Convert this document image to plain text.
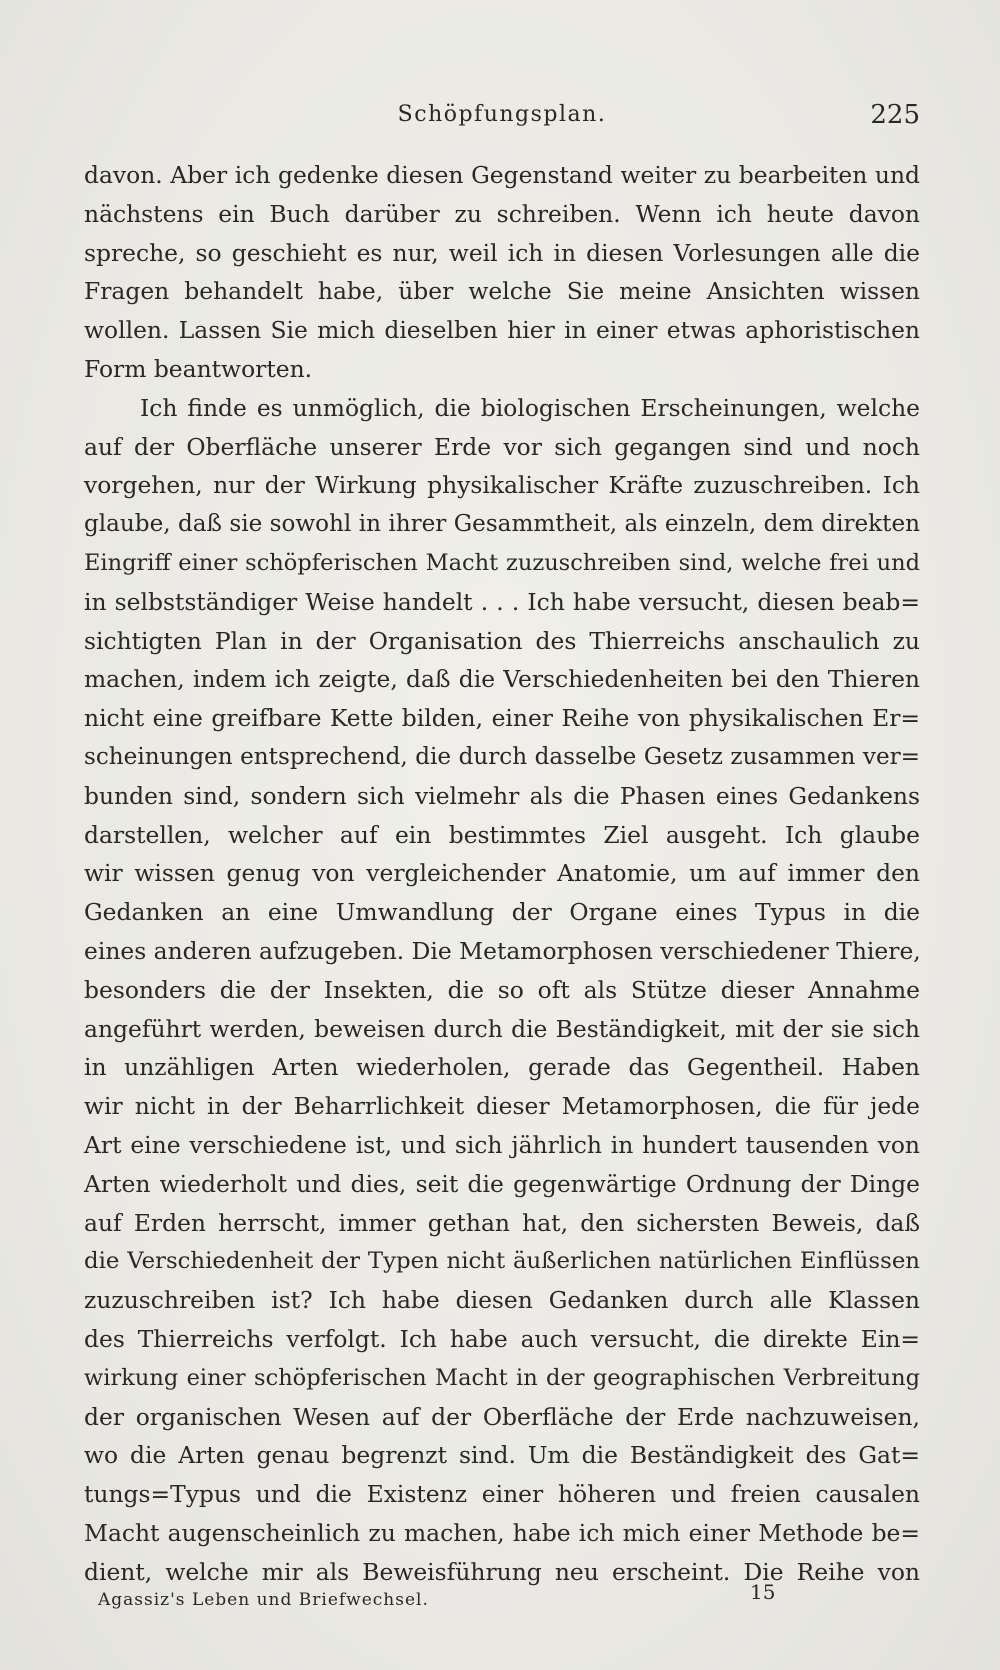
Schöpfungsplan.	225
davon. Aber ich gedenke diesen Gegenstand weiter zu bearbeiten und
nächstens ein Buch darüber zu schreiben. Wenn ich heute davon
spreche, so geschieht es nur, weil ich in diesen Vorlesungen alle die
Fragen behandelt habe, über welche Sie meine Ansichten wissen
wollen. Lassen Sie mich dieselben hier in einer etwas aphoristischen
Form beantworten.
Ich finde es unmöglich, die biologischen Erscheinungen, welche
auf der Oberfläche unserer Erde vor sich gegangen sind und noch
vorgehen, nur der Wirkung physikalischer Kräfte zuzuschreiben. Ich
glaube, daß sie sowohl in ihrer Gesammtheit, als einzeln, dem direkten
Eingriff einer schöpferischen Macht zuzuschreiben sind, welche frei und
in selbstständiger Weise handelt . . . Ich habe versucht, diesen beab=
sichtigten Plan in der Organisation des Thierreichs anschaulich zu
machen, indem ich zeigte, daß die Verschiedenheiten bei den Thieren
nicht eine greifbare Kette bilden, einer Reihe von physikalischen Er=
scheinungen entsprechend, die durch dasselbe Gesetz zusammen ver=
bunden sind, sondern sich vielmehr als die Phasen eines Gedankens
darstellen, welcher auf ein bestimmtes Ziel ausgeht. Ich glaube
wir wissen genug von vergleichender Anatomie, um auf immer den
Gedanken an eine Umwandlung der Organe eines Typus in die
eines anderen aufzugeben. Die Metamorphosen verschiedener Thiere,
besonders die der Insekten, die so oft als Stütze dieser Annahme
angeführt werden, beweisen durch die Beständigkeit, mit der sie sich
in unzähligen Arten wiederholen, gerade das Gegentheil. Haben
wir nicht in der Beharrlichkeit dieser Metamorphosen, die für jede
Art eine verschiedene ist, und sich jährlich in hundert tausenden von
Arten wiederholt und dies, seit die gegenwärtige Ordnung der Dinge
auf Erden herrscht, immer gethan hat, den sichersten Beweis, daß
die Verschiedenheit der Typen nicht äußerlichen natürlichen Einflüssen
zuzuschreiben ist? Ich habe diesen Gedanken durch alle Klassen
des Thierreichs verfolgt. Ich habe auch versucht, die direkte Ein=
wirkung einer schöpferischen Macht in der geographischen Verbreitung
der organischen Wesen auf der Oberfläche der Erde nachzuweisen,
wo die Arten genau begrenzt sind. Um die Beständigkeit des Gat=
tungs=Typus und die Existenz einer höheren und freien causalen
Macht augenscheinlich zu machen, habe ich mich einer Methode be=
dient, welche mir als Beweisführung neu erscheint. Die Reihe von
Agassiz's Leben und Briefwechsel.	15
